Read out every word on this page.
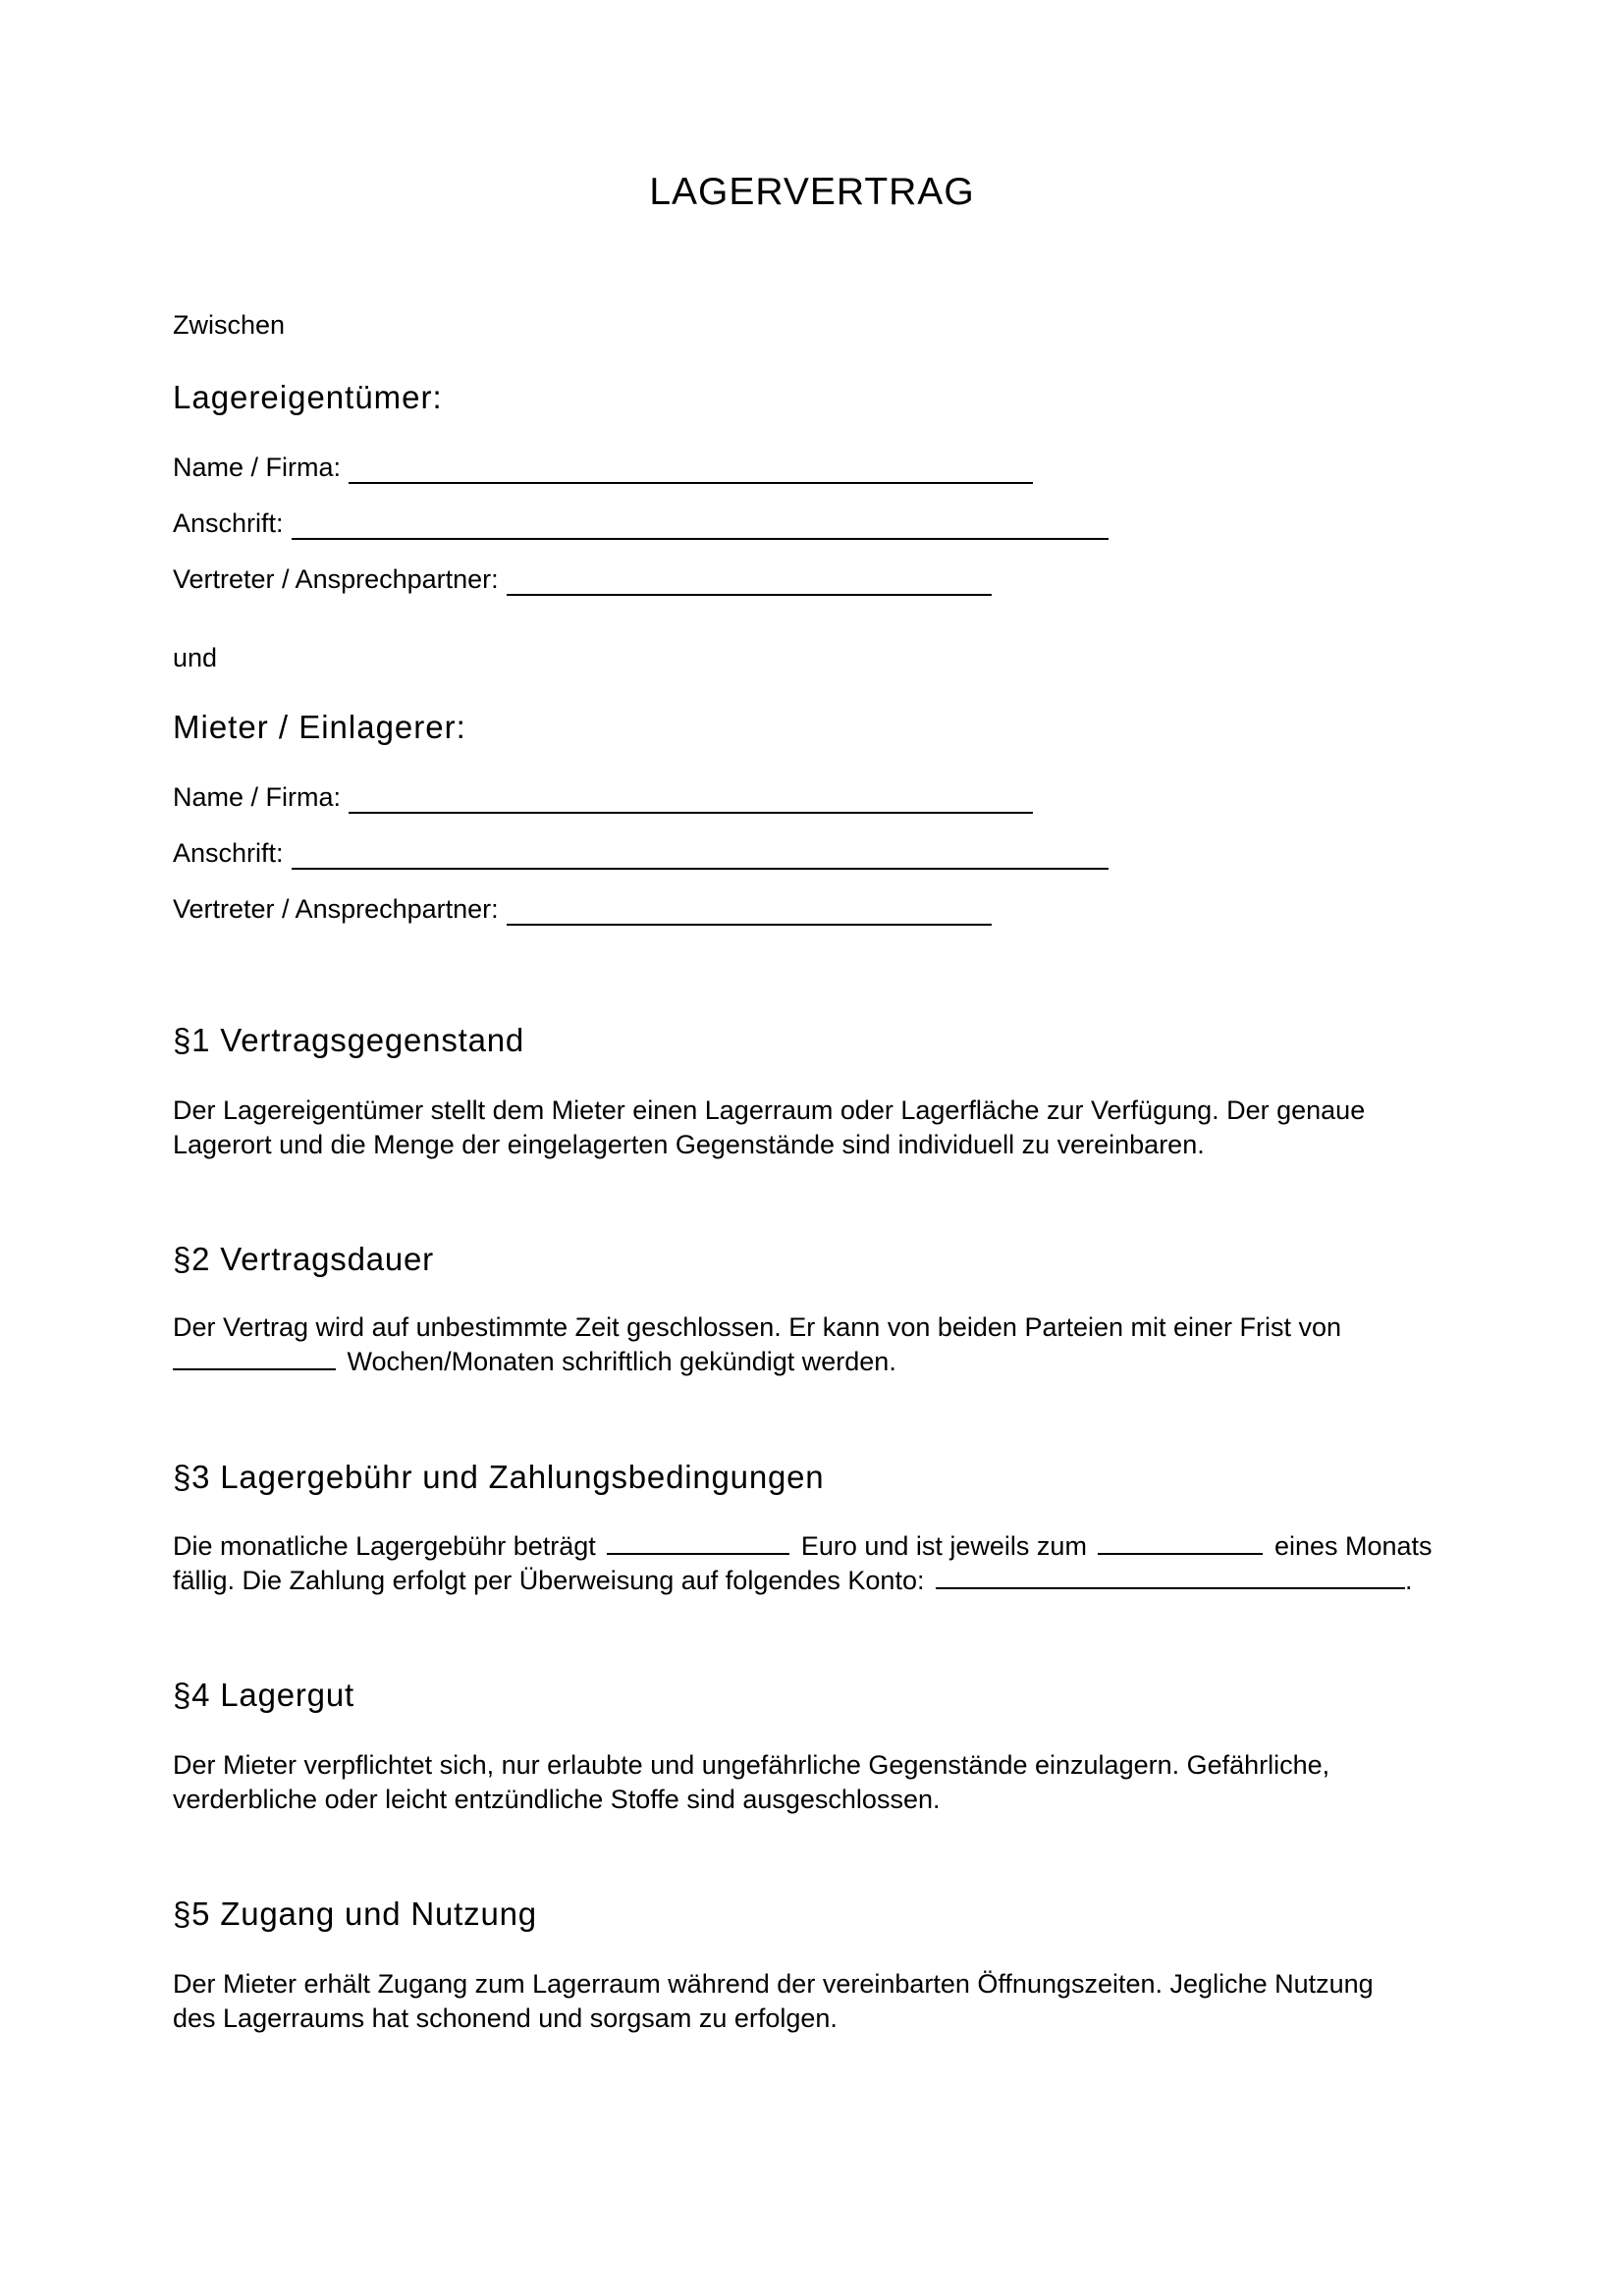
LAGERVERTRAG

Zwischen

Lagereigentümer:

Name / Firma:
Anschrift:
Vertreter / Ansprechpartner:

und

Mieter / Einlagerer:

Name / Firma:
Anschrift:
Vertreter / Ansprechpartner:

§1 Vertragsgegenstand

Der Lagereigentümer stellt dem Mieter einen Lagerraum oder Lagerfläche zur Verfügung. Der genaue
Lagerort und die Menge der eingelagerten Gegenstände sind individuell zu vereinbaren.

§2 Vertragsdauer

Der Vertrag wird auf unbestimmte Zeit geschlossen. Er kann von beiden Parteien mit einer Frist von
Wochen/Monaten schriftlich gekündigt werden.

§3 Lagergebühr und Zahlungsbedingungen

Die monatliche Lagergebühr beträgt	Euro und ist jeweils zum	eines Monats
fällig. Die Zahlung erfolgt per Überweisung auf folgendes Konto:	.

§4 Lagergut

Der Mieter verpflichtet sich, nur erlaubte und ungefährliche Gegenstände einzulagern. Gefährliche,
verderbliche oder leicht entzündliche Stoffe sind ausgeschlossen.

§5 Zugang und Nutzung

Der Mieter erhält Zugang zum Lagerraum während der vereinbarten Öffnungszeiten. Jegliche Nutzung
des Lagerraums hat schonend und sorgsam zu erfolgen.
